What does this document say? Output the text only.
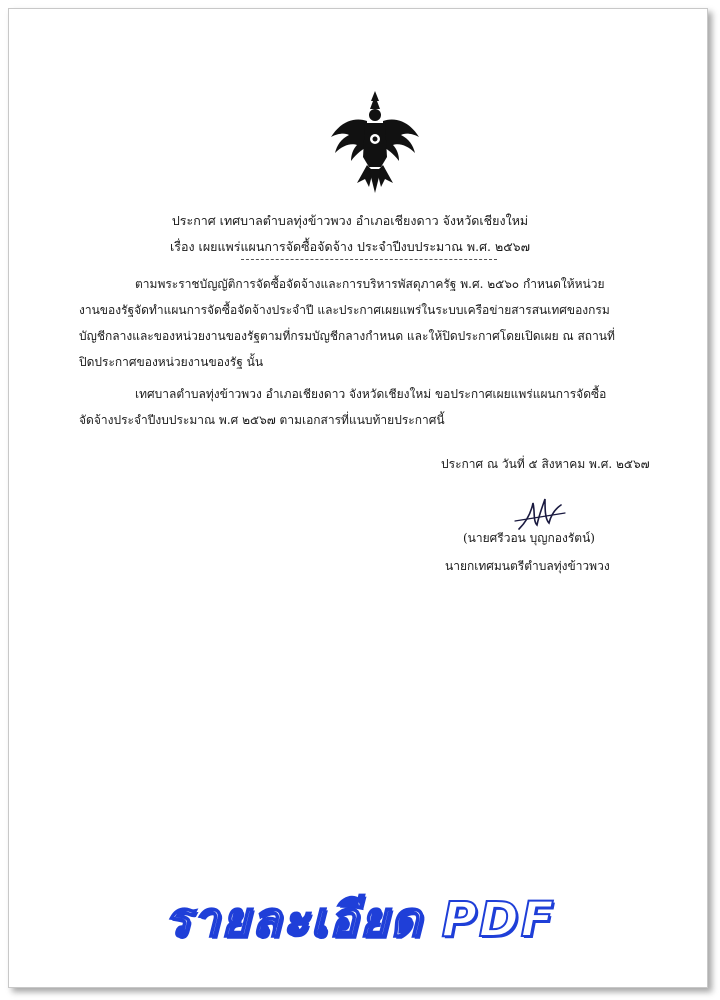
ประกาศ เทศบาลตำบลทุ่งข้าวพวง อำเภอเชียงดาว จังหวัดเชียงใหม่
เรื่อง เผยแพร่แผนการจัดซื้อจัดจ้าง ประจำปีงบประมาณ พ.ศ. ๒๕๖๗
ตามพระราชบัญญัติการจัดซื้อจัดจ้างและการบริหารพัสดุภาครัฐ พ.ศ. ๒๕๖๐ กำหนดให้หน่วยงานของรัฐจัดทำแผนการจัดซื้อจัดจ้างประจำปี และประกาศเผยแพร่ในระบบเครือข่ายสารสนเทศของกรมบัญชีกลางและของหน่วยงานของรัฐตามที่กรมบัญชีกลางกำหนด และให้ปิดประกาศโดยเปิดเผย ณ สถานที่ปิดประกาศของหน่วยงานของรัฐ นั้น
เทศบาลตำบลทุ่งข้าวพวง อำเภอเชียงดาว จังหวัดเชียงใหม่ ขอประกาศเผยแพร่แผนการจัดซื้อจัดจ้างประจำปีงบประมาณ พ.ศ ๒๕๖๗ ตามเอกสารที่แนบท้ายประกาศนี้
ประกาศ ณ วันที่ ๕ สิงหาคม พ.ศ. ๒๕๖๗
(นายศรีวอน บุญกองรัตน์)
นายกเทศมนตรีตำบลทุ่งข้าวพวง
รายละเอียด PDF
